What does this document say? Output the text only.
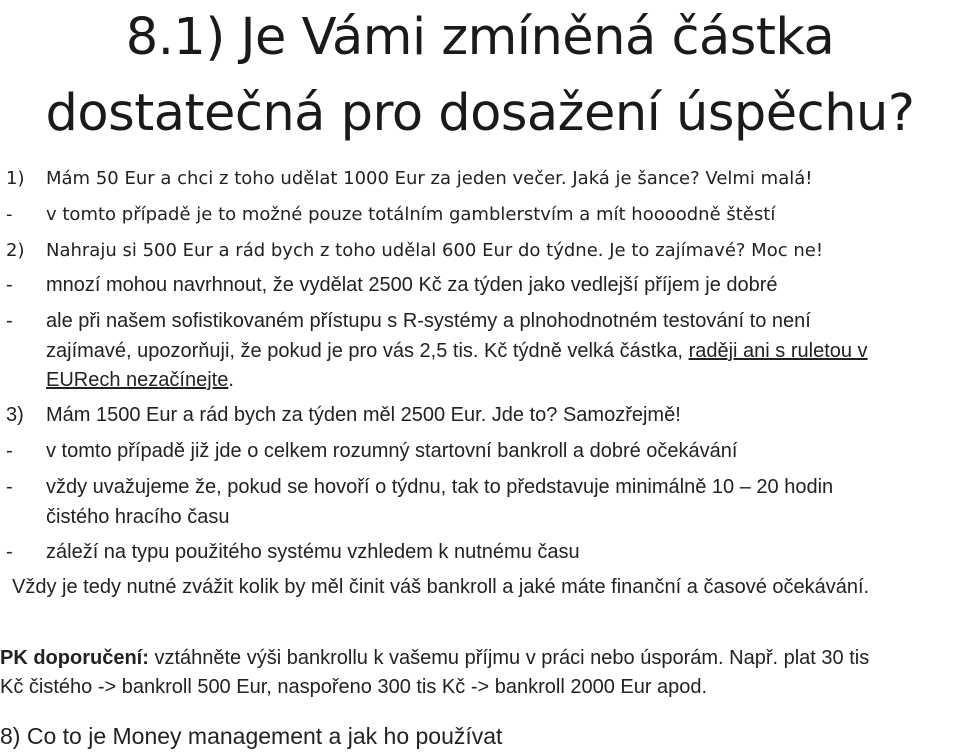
8.1) Je Vámi zmíněná částka
dostatečná pro dosažení úspěchu?
1) Mám 50 Eur a chci z toho udělat 1000 Eur za jeden večer. Jaká je šance? Velmi malá!
- v tomto případě je to možné pouze totálním gamblerstvím a mít hoooodně štěstí
2) Nahraju si 500 Eur a rád bych z toho udělal 600 Eur do týdne. Je to zajímavé? Moc ne!
- mnozí mohou navrhnout, že vydělat 2500 Kč za týden jako vedlejší příjem je dobré
- ale při našem sofistikovaném přístupu s R-systémy a plnohodnotném testování to není
zajímavé, upozorňuji, že pokud je pro vás 2,5 tis. Kč týdně velká částka, raději ani s ruletou v
EURech nezačínejte.
3) Mám 1500 Eur a rád bych za týden měl 2500 Eur. Jde to? Samozřejmě!
- v tomto případě již jde o celkem rozumný startovní bankroll a dobré očekávání
- vždy uvažujeme že, pokud se hovoří o týdnu, tak to představuje minimálně 10 – 20 hodin
čistého hracího času
- záleží na typu použitého systému vzhledem k nutnému času
Vždy je tedy nutné zvážit kolik by měl činit váš bankroll a jaké máte finanční a časové očekávání.
PK doporučení: vztáhněte výši bankrollu k vašemu příjmu v práci nebo úsporám. Např. plat 30 tis
Kč čistého -> bankroll 500 Eur, naspořeno 300 tis Kč -> bankroll 2000 Eur apod.
8) Co to je Money management a jak ho používat
